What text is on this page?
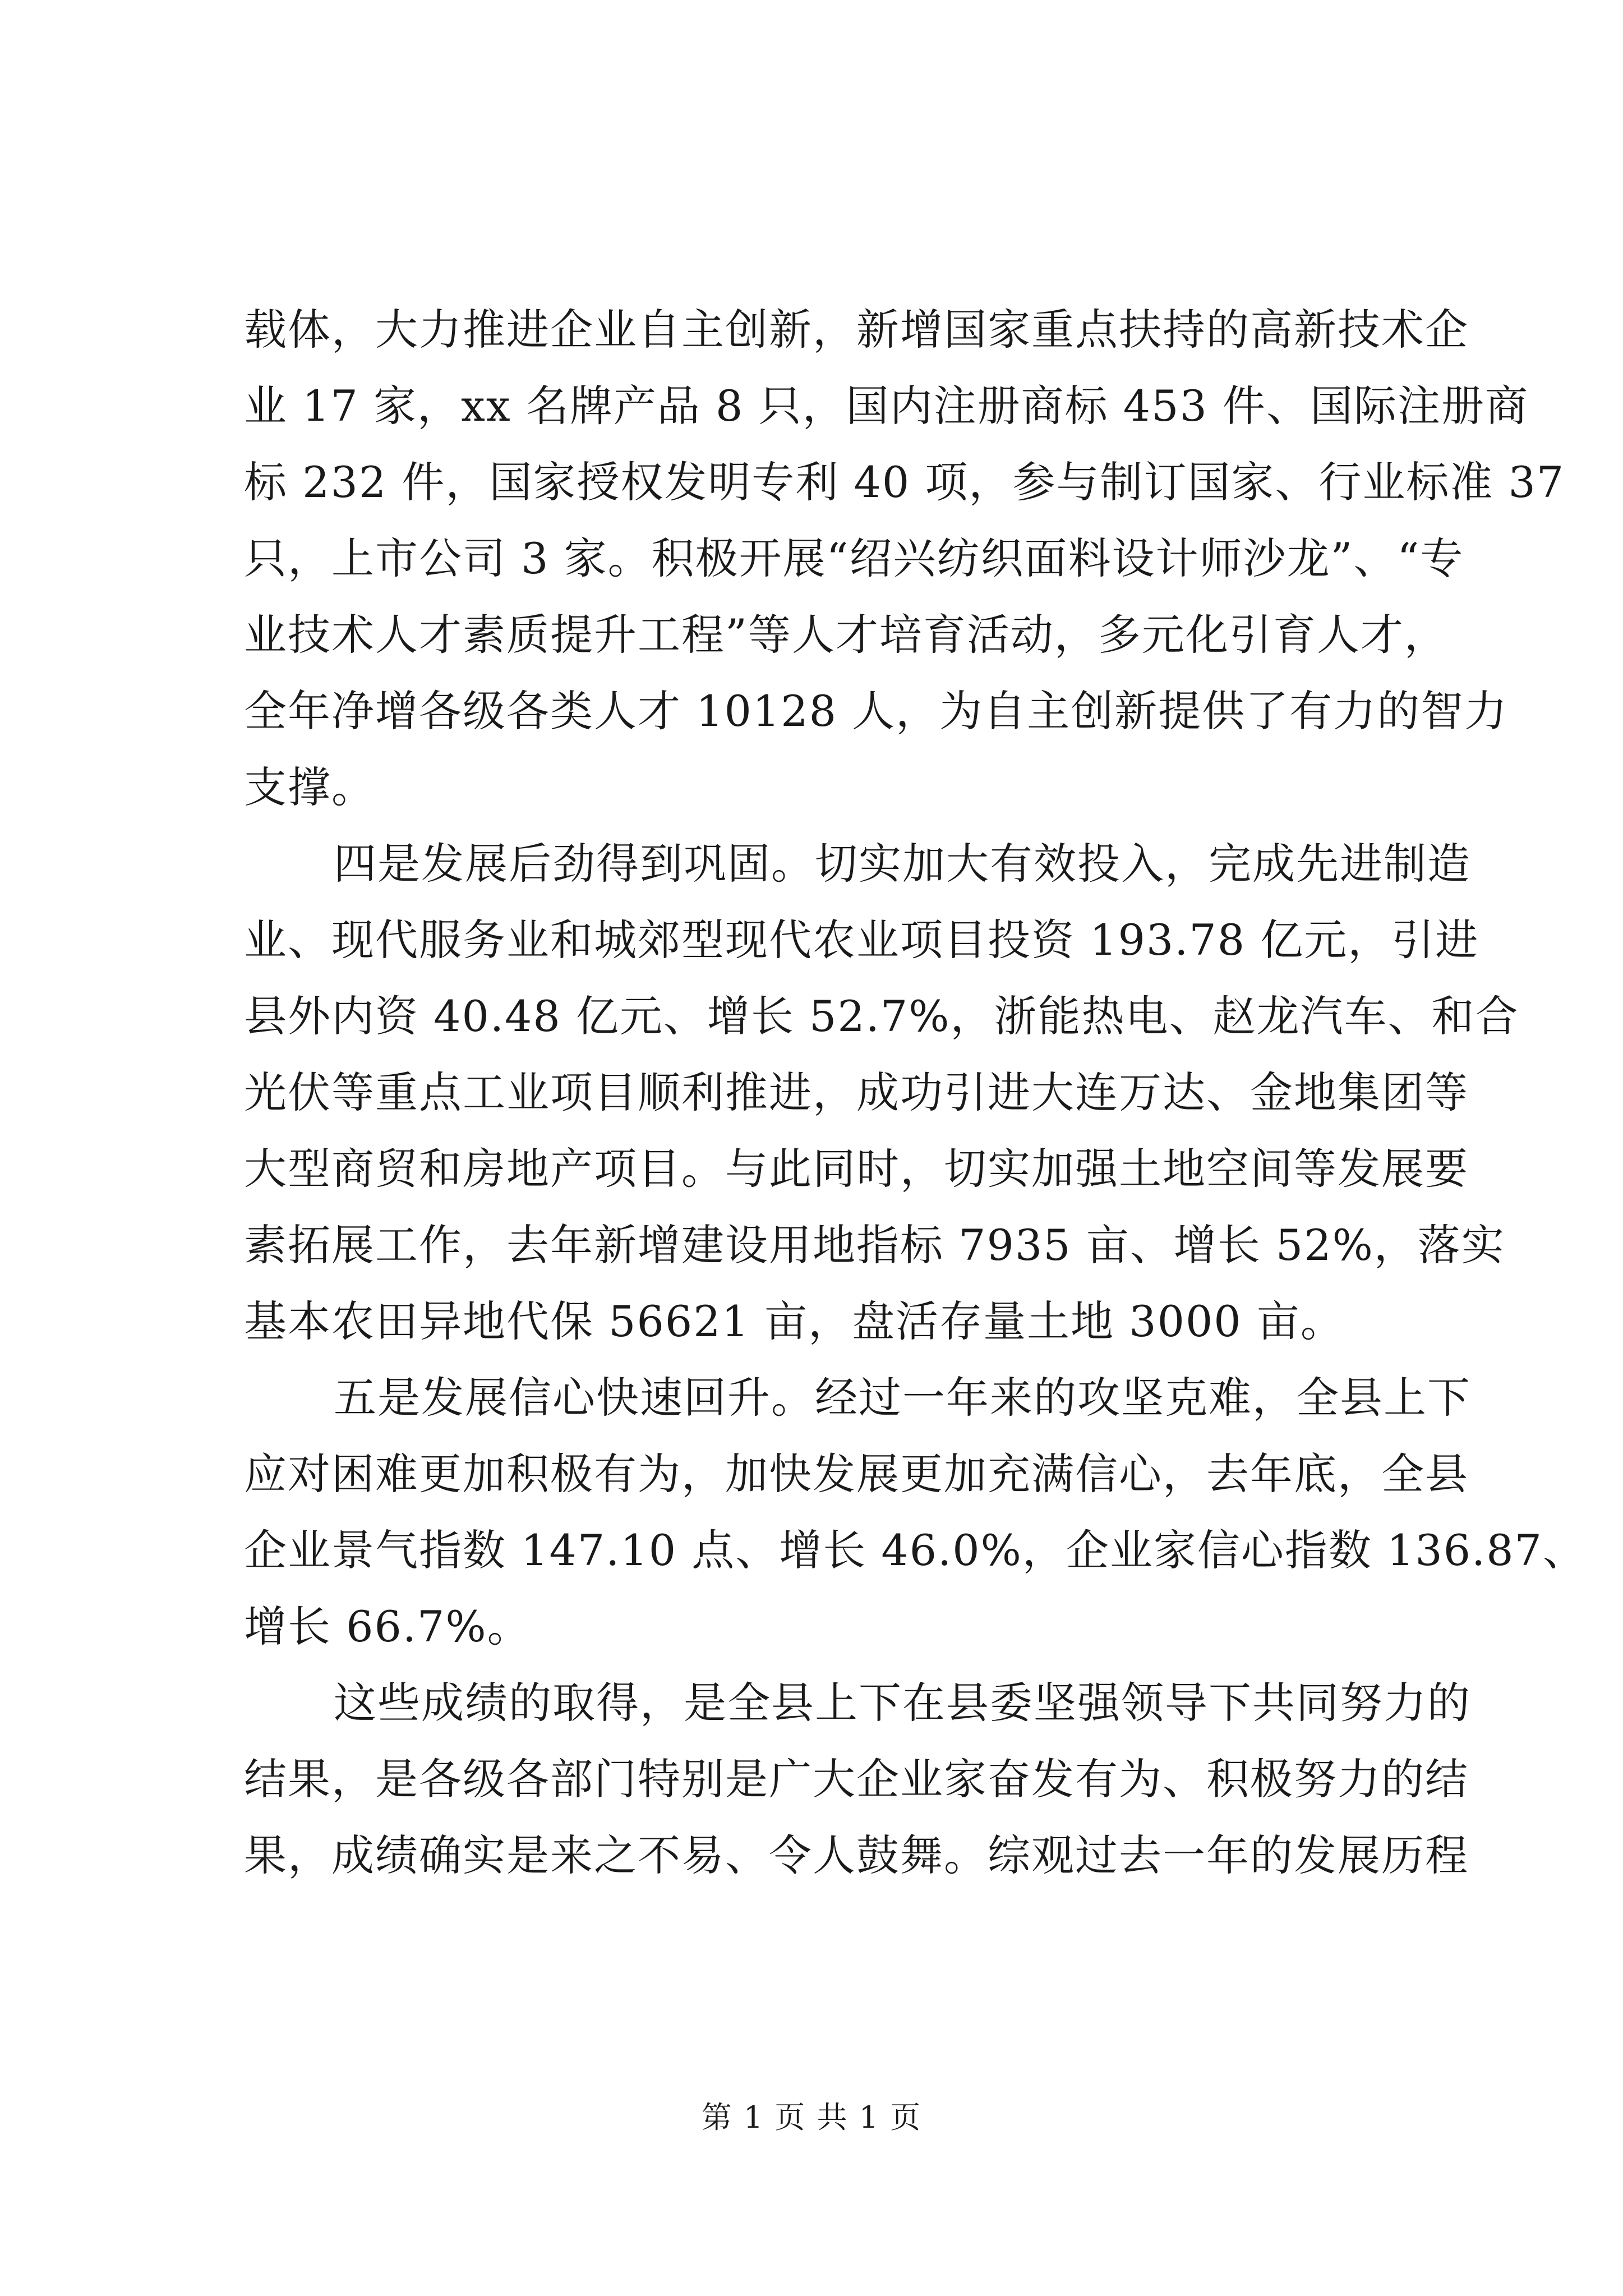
载体，大力推进企业自主创新，新增国家重点扶持的高新技术企
业 17 家，xx 名牌产品 8 只，国内注册商标 453 件、国际注册商
标 232 件，国家授权发明专利 40 项，参与制订国家、行业标准 37
只，上市公司 3 家。积极开展“绍兴纺织面料设计师沙龙”、“专
业技术人才素质提升工程”等人才培育活动，多元化引育人才，
全年净增各级各类人才 10128 人，为自主创新提供了有力的智力
支撑。
四是发展后劲得到巩固。切实加大有效投入，完成先进制造
业、现代服务业和城郊型现代农业项目投资 193.78 亿元，引进
县外内资 40.48 亿元、增长 52.7%，浙能热电、赵龙汽车、和合
光伏等重点工业项目顺利推进，成功引进大连万达、金地集团等
大型商贸和房地产项目。与此同时，切实加强土地空间等发展要
素拓展工作，去年新增建设用地指标 7935 亩、增长 52%，落实
基本农田异地代保 56621 亩，盘活存量土地 3000 亩。
五是发展信心快速回升。经过一年来的攻坚克难，全县上下
应对困难更加积极有为，加快发展更加充满信心，去年底，全县
企业景气指数 147.10 点、增长 46.0%，企业家信心指数 136.87、
增长 66.7%。
这些成绩的取得，是全县上下在县委坚强领导下共同努力的
结果，是各级各部门特别是广大企业家奋发有为、积极努力的结
果，成绩确实是来之不易、令人鼓舞。综观过去一年的发展历程
第 1 页 共 1 页
